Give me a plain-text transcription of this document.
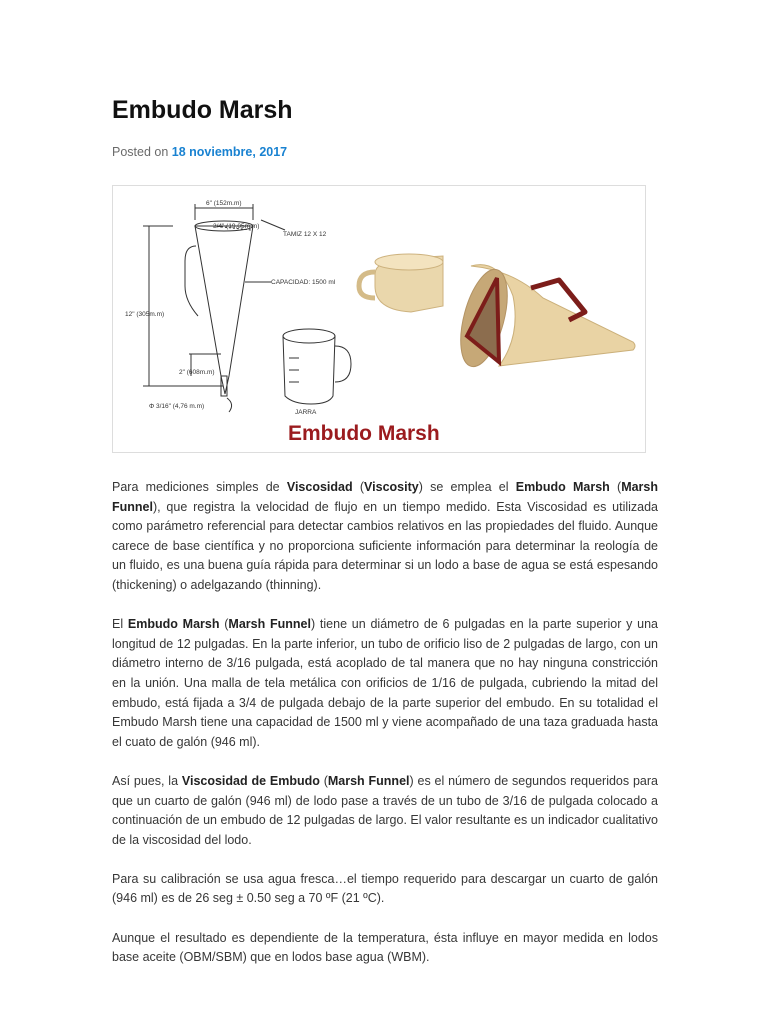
Embudo Marsh
Posted on 18 noviembre, 2017
6" (152m.m)
3/4" (19,05m.m)
TAMIZ 12 X 12
12" (305m.m)
CAPACIDAD: 1500 ml
2" (608m.m)
Φ 3/16" (4,76 m.m)
JARRA
Embudo Marsh

Para mediciones simples de Viscosidad (Viscosity) se emplea el Embudo Marsh (Marsh Funnel), que registra la velocidad de flujo en un tiempo medido. Esta Viscosidad es utilizada como parámetro referencial para detectar cambios relativos en las propiedades del fluido. Aunque carece de base científica y no proporciona suficiente información para determinar la reología de un fluido, es una buena guía rápida para determinar si un lodo a base de agua se está espesando (thickening) o adelgazando (thinning).

El Embudo Marsh (Marsh Funnel) tiene un diámetro de 6 pulgadas en la parte superior y una longitud de 12 pulgadas. En la parte inferior, un tubo de orificio liso de 2 pulgadas de largo, con un diámetro interno de 3/16 pulgada, está acoplado de tal manera que no hay ninguna constricción en la unión. Una malla de tela metálica con orificios de 1/16 de pulgada, cubriendo la mitad del embudo, está fijada a 3/4 de pulgada debajo de la parte superior del embudo. En su totalidad el Embudo Marsh tiene una capacidad de 1500 ml y viene acompañado de una taza graduada hasta el cuato de galón (946 ml).

Así pues, la Viscosidad de Embudo (Marsh Funnel) es el número de segundos requeridos para que un cuarto de galón (946 ml) de lodo pase a través de un tubo de 3/16 de pulgada colocado a continuación de un embudo de 12 pulgadas de largo. El valor resultante es un indicador cualitativo de la viscosidad del lodo.

Para su calibración se usa agua fresca…el tiempo requerido para descargar un cuarto de galón (946 ml) es de 26 seg ± 0.50 seg a 70 ºF (21 ºC).

Aunque el resultado es dependiente de la temperatura, ésta influye en mayor medida en lodos base aceite (OBM/SBM) que en lodos base agua (WBM).
